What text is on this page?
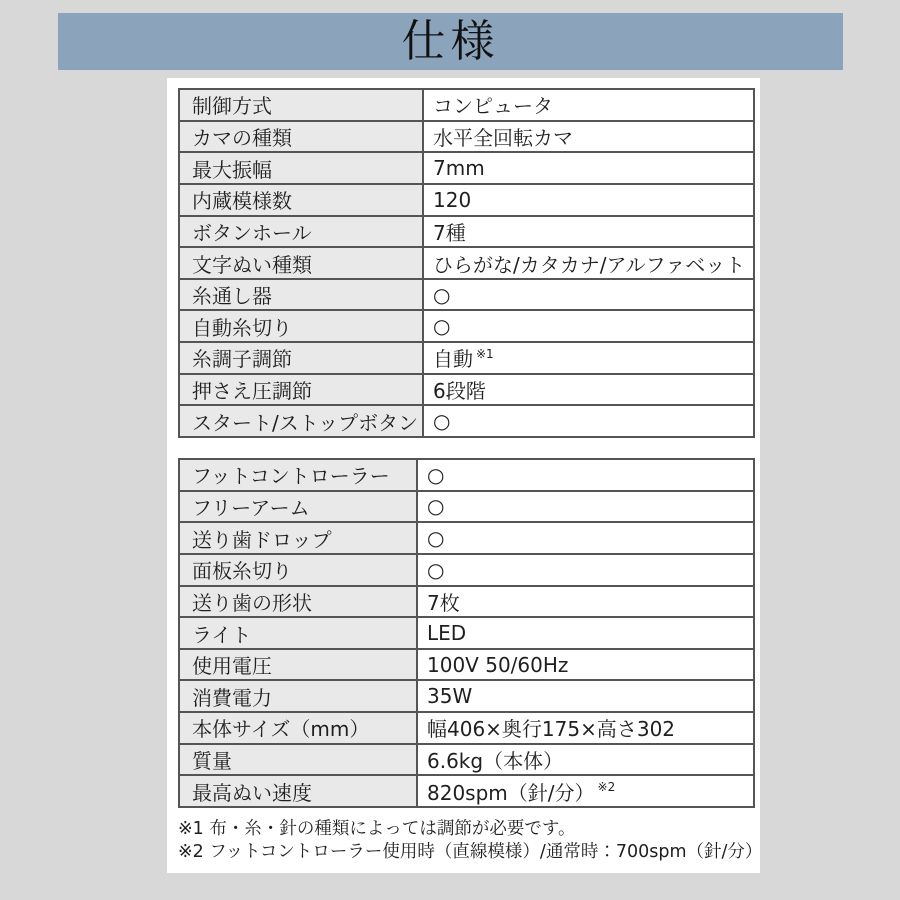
仕様
制御方式	コンピュータ
カマの種類	水平全回転カマ
最大振幅	7mm
内蔵模様数	120
ボタンホール	7種
文字ぬい種類	ひらがな/カタカナ/アルファベット
糸通し器	○
自動糸切り	○
糸調子調節	自動 ※1
押さえ圧調節	6段階
スタート/ストップボタン ○
フットコントローラー	○
フリーアーム	○
送り歯ドロップ	○
面板糸切り	○
送り歯の形状	7枚
ライト	LED
使用電圧	100V 50/60Hz
消費電力	35W
本体サイズ（mm）	幅406×奥行175×高さ302
質量	6.6kg（本体）
最高ぬい速度	820spm（針/分） ※2
※1 布・糸・針の種類によっては調節が必要です。
※2 フットコントローラー使用時（直線模様）/通常時：700spm（針/分）
